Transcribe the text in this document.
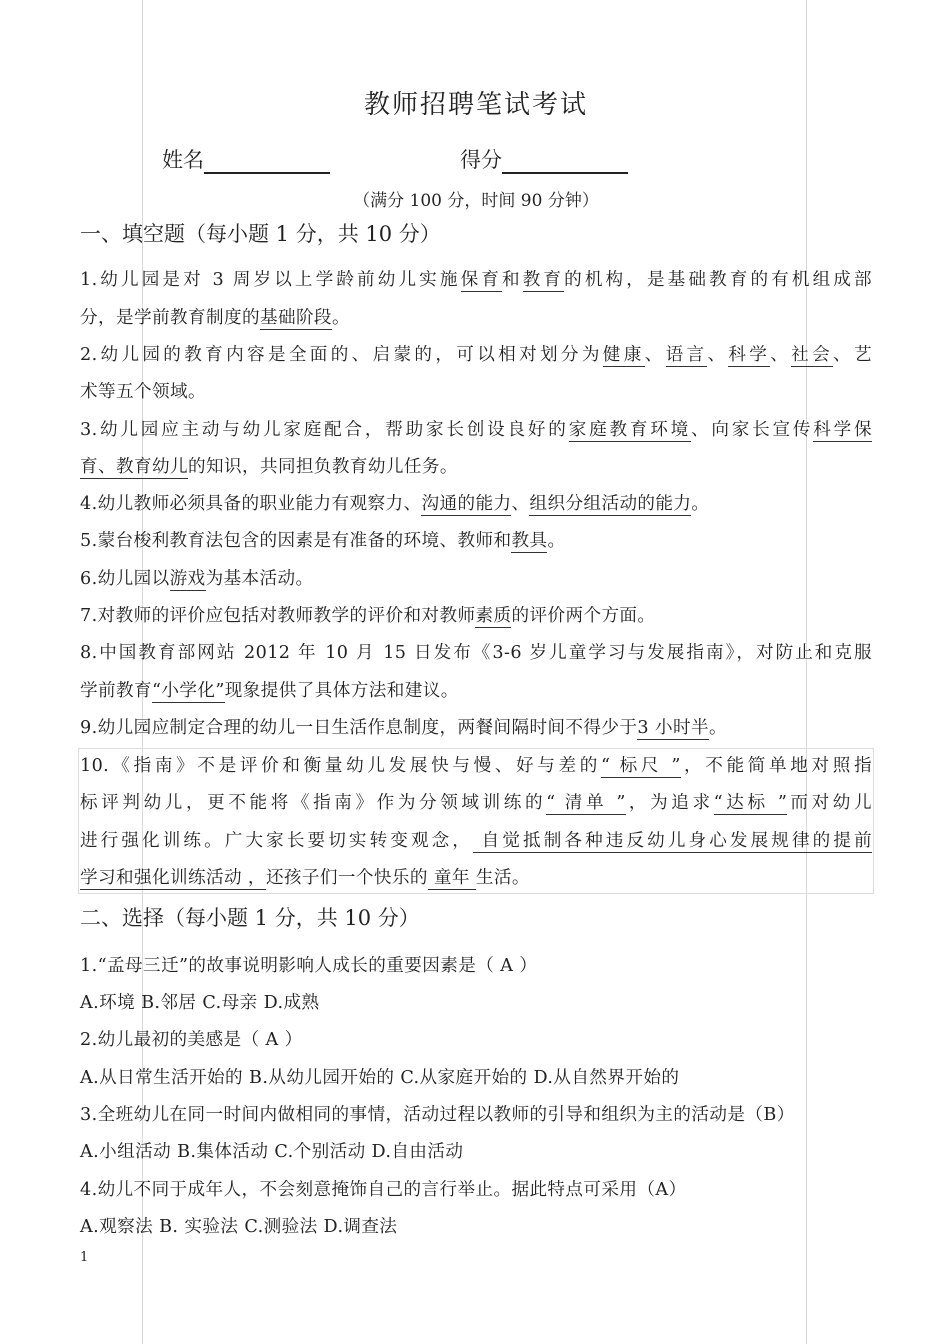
教师招聘笔试考试
姓名	得分
（满分 100 分，时间 90 分钟）
一、填空题（每小题 1 分，共 10 分）
1.幼儿园是对 3 周岁以上学龄前幼儿实施保育和教育的机构，是基础教育的有机组成部
分，是学前教育制度的基础阶段。
2.幼儿园的教育内容是全面的、启蒙的，可以相对划分为健康、语言、科学、社会、艺
术等五个领域。
3.幼儿园应主动与幼儿家庭配合，帮助家长创设良好的家庭教育环境、向家长宣传科学保
育、教育幼儿的知识，共同担负教育幼儿任务。
4.幼儿教师必须具备的职业能力有观察力、沟通的能力、组织分组活动的能力。
5.蒙台梭利教育法包含的因素是有准备的环境、教师和教具。
6.幼儿园以游戏为基本活动。
7.对教师的评价应包括对教师教学的评价和对教师素质的评价两个方面。
8.中国教育部网站 2012 年 10 月 15 日发布《3-6 岁儿童学习与发展指南》，对防止和克服
学前教育“小学化”现象提供了具体方法和建议。
9.幼儿园应制定合理的幼儿一日生活作息制度，两餐间隔时间不得少于3 小时半。
10.《指南》不是评价和衡量幼儿发展快与慢、好与差的“ 标尺 ”，不能简单地对照指
标评判幼儿，更不能将《指南》作为分领域训练的“ 清单 ”，为追求“达标 ”而对幼儿
进行强化训练。广大家长要切实转变观念， 自觉抵制各种违反幼儿身心发展规律的提前
学习和强化训练活动 ，还孩子们一个快乐的 童年 生活。
二、选择（每小题 1 分，共 10 分）
1.“孟母三迁”的故事说明影响人成长的重要因素是（ A ）
A.环境 B.邻居 C.母亲 D.成熟
2.幼儿最初的美感是（ A ）
A.从日常生活开始的 B.从幼儿园开始的 C.从家庭开始的 D.从自然界开始的
3.全班幼儿在同一时间内做相同的事情，活动过程以教师的引导和组织为主的活动是（B）
A.小组活动 B.集体活动 C.个别活动 D.自由活动
4.幼儿不同于成年人，不会刻意掩饰自己的言行举止。据此特点可采用（A）
A.观察法 B. 实验法 C.测验法 D.调查法
1
